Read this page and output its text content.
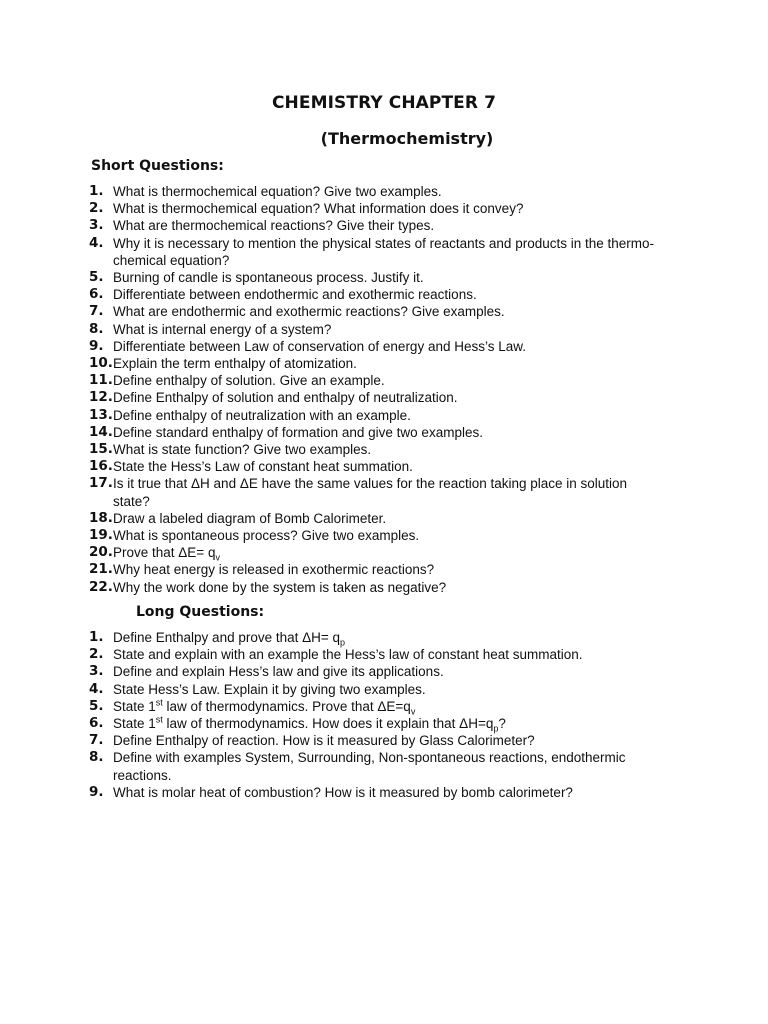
CHEMISTRY CHAPTER 7
(Thermochemistry)
Short Questions:
1. What is thermochemical equation? Give two examples.
2. What is thermochemical equation? What information does it convey?
3. What are thermochemical reactions? Give their types.
4. Why it is necessary to mention the physical states of reactants and products in the thermo-
chemical equation?
5. Burning of candle is spontaneous process. Justify it.
6. Differentiate between endothermic and exothermic reactions.
7. What are endothermic and exothermic reactions? Give examples.
8. What is internal energy of a system?
9. Differentiate between Law of conservation of energy and Hess’s Law.
10. Explain the term enthalpy of atomization.
11. Define enthalpy of solution. Give an example.
12. Define Enthalpy of solution and enthalpy of neutralization.
13. Define enthalpy of neutralization with an example.
14. Define standard enthalpy of formation and give two examples.
15. What is state function? Give two examples.
16. State the Hess’s Law of constant heat summation.
17. Is it true that ΔH and ΔE have the same values for the reaction taking place in solution
state?
18. Draw a labeled diagram of Bomb Calorimeter.
19. What is spontaneous process? Give two examples.
20. Prove that $\Delta E= q_v$
21. Why heat energy is released in exothermic reactions?
22. Why the work done by the system is taken as negative?
Long Questions:
1. Define Enthalpy and prove that $\Delta H= q_p$
2. State and explain with an example the Hess’s law of constant heat summation.
3. Define and explain Hess’s law and give its applications.
4. State Hess’s Law. Explain it by giving two examples.
5. State 1st law of thermodynamics. Prove that $\Delta E=q_v$
6. State 1st law of thermodynamics. How does it explain that $\Delta H=q_p$?
7. Define Enthalpy of reaction. How is it measured by Glass Calorimeter?
8. Define with examples System, Surrounding, Non-spontaneous reactions, endothermic
reactions.
9. What is molar heat of combustion? How is it measured by bomb calorimeter?
